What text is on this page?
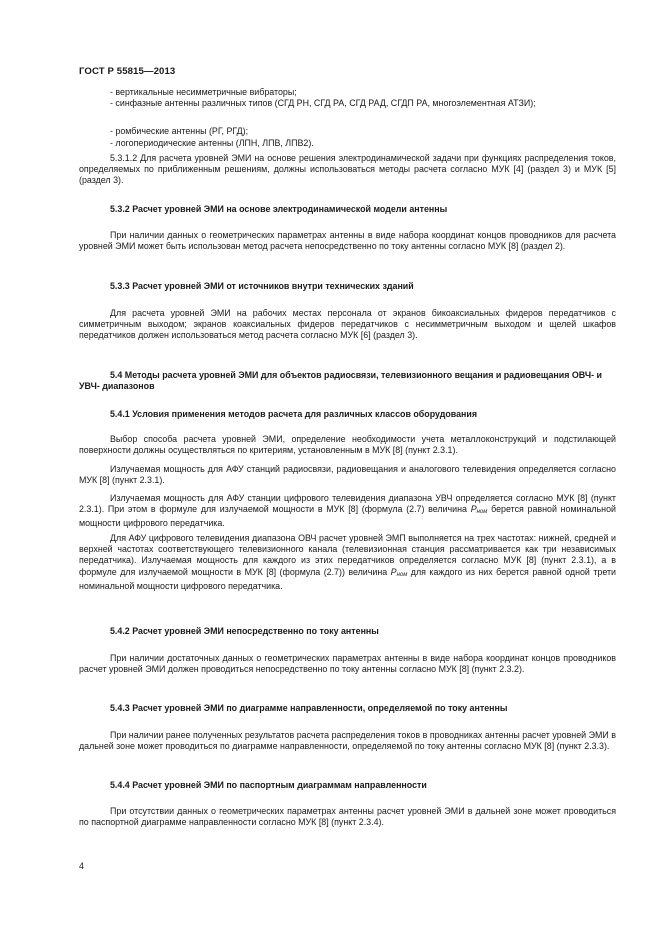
ГОСТ Р 55815—2013

- вертикальные несимметричные вибраторы;

- синфазные антенны различных типов (СГД РН, СГД РА, СГД РАД, СГДП РА, многоэлементная АТЗИ);

- ромбические антенны (РГ, РГД);

- логопериодические антенны (ЛПН, ЛПВ, ЛПВ2).

5.3.1.2 Для расчета уровней ЭМИ на основе решения электродинамической задачи при функциях распределения токов, определяемых по приближенным решениям, должны использоваться методы расчета согласно МУК [4] (раздел 3) и МУК [5] (раздел 3).

5.3.2 Расчет уровней ЭМИ на основе электродинамической модели антенны

При наличии данных о геометрических параметрах антенны в виде набора координат концов проводников для расчета уровней ЭМИ может быть использован метод расчета непосредственно по току антенны согласно МУК [8] (раздел 2).

5.3.3 Расчет уровней ЭМИ от источников внутри технических зданий

Для расчета уровней ЭМИ на рабочих местах персонала от экранов бикоаксиальных фидеров передатчиков с симметричным выходом; экранов коаксиальных фидеров передатчиков с несимметричным выходом и щелей шкафов передатчиков должен использоваться метод расчета согласно МУК [6] (раздел 3).

5.4 Методы расчета уровней ЭМИ для объектов радиосвязи, телевизионного вещания и радиовещания ОВЧ- и УВЧ- диапазонов
5.4.1 Условия применения методов расчета для различных классов оборудования

Выбор способа расчета уровней ЭМИ, определение необходимости учета металлоконструкций и подстилающей поверхности должны осуществляться по критериям, установленным в МУК [8] (пункт 2.3.1).

Излучаемая мощность для АФУ станций радиосвязи, радиовещания и аналогового телевидения определяется согласно МУК [8] (пункт 2.3.1).

Излучаемая мощность для АФУ станции цифрового телевидения диапазона УВЧ определяется согласно МУК [8] (пункт 2.3.1). При этом в формуле для излучаемой мощности в МУК [8] (формула (2.7) величина Pном берется равной номинальной мощности цифрового передатчика.

Для АФУ цифрового телевидения диапазона ОВЧ расчет уровней ЭМП выполняется на трех частотах: нижней, средней и верхней частотах соответствующего телевизионного канала (телевизионная станция рассматривается как три независимых передатчика). Излучаемая мощность для каждого из этих передатчиков определяется согласно МУК [8] (пункт 2.3.1), а в формуле для излучаемой мощности в МУК [8] (формула (2.7)) величина Pном для каждого из них берется равной одной трети номинальной мощности цифрового передатчика.

5.4.2 Расчет уровней ЭМИ непосредственно по току антенны

При наличии достаточных данных о геометрических параметрах антенны в виде набора координат концов проводников расчет уровней ЭМИ должен проводиться непосредственно по току антенны согласно МУК [8] (пункт 2.3.2).

5.4.3 Расчет уровней ЭМИ по диаграмме направленности, определяемой по току антенны

При наличии ранее полученных результатов расчета распределения токов в проводниках антенны расчет уровней ЭМИ в дальней зоне может проводиться по диаграмме направленности, определяемой по току антенны согласно МУК [8] (пункт 2.3.3).

5.4.4 Расчет уровней ЭМИ по паспортным диаграммам направленности

При отсутствии данных о геометрических параметрах антенны расчет уровней ЭМИ в дальней зоне может проводиться по паспортной диаграмме направленности согласно МУК [8] (пункт 2.3.4).

4
